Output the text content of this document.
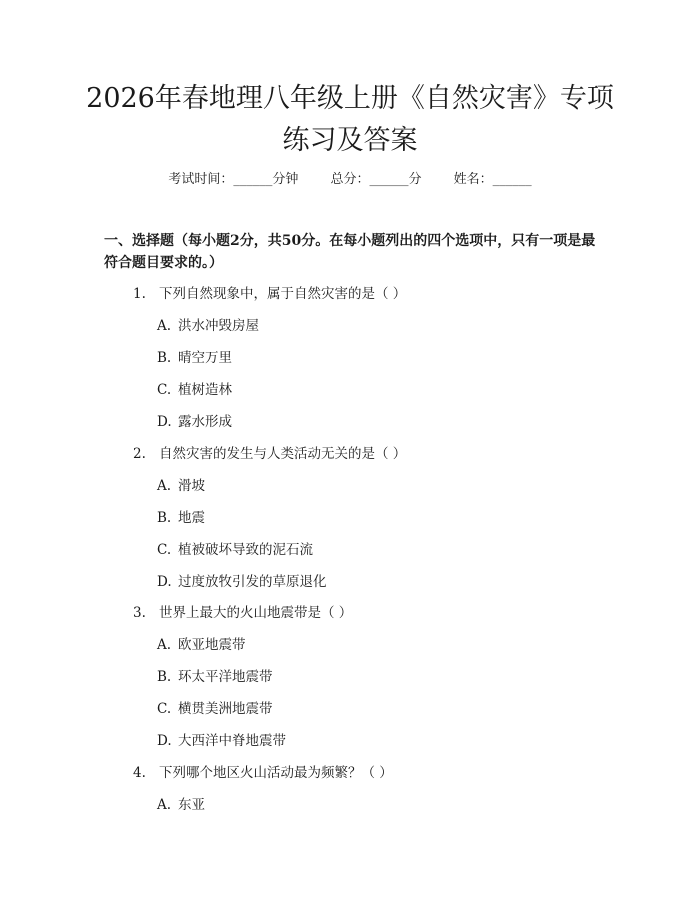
2026年春地理八年级上册《自然灾害》专项
练习及答案
考试时间：______分钟 总分：______分 姓名：______
一、选择题（每小题2分，共50分。在每小题列出的四个选项中，只有一项是最符合题目要求的。）
1. 下列自然现象中，属于自然灾害的是（ ）
A. 洪水冲毁房屋
B. 晴空万里
C. 植树造林
D. 露水形成
2. 自然灾害的发生与人类活动无关的是（ ）
A. 滑坡
B. 地震
C. 植被破坏导致的泥石流
D. 过度放牧引发的草原退化
3. 世界上最大的火山地震带是（ ）
A. 欧亚地震带
B. 环太平洋地震带
C. 横贯美洲地震带
D. 大西洋中脊地震带
4. 下列哪个地区火山活动最为频繁？（ ）
A. 东亚
